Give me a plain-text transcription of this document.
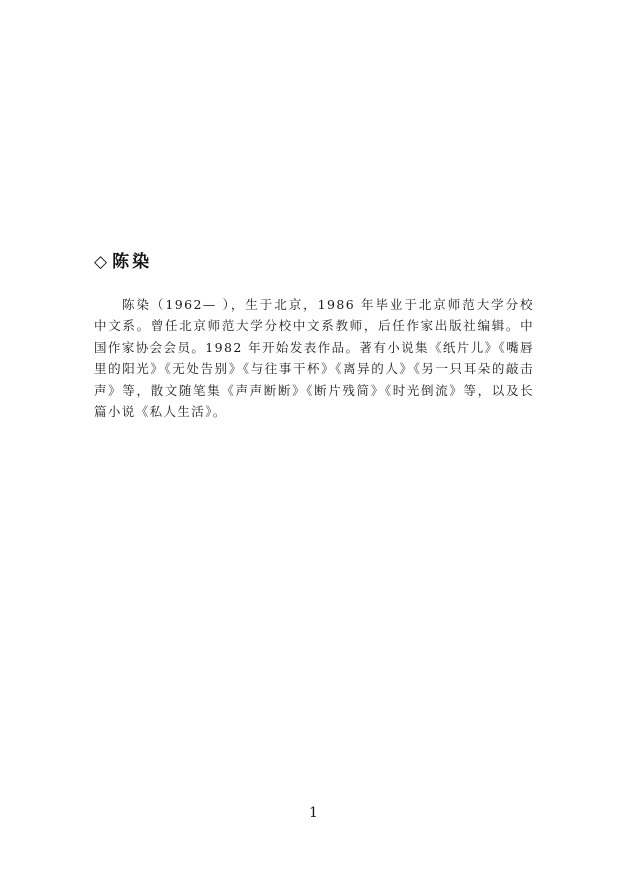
◇ 陈染

陈染（1962— ），生于北京，1986 年毕业于北京师范大学分校中文系。曾任北京师范大学分校中文系教师，后任作家出版社编辑。中国作家协会会员。1982 年开始发表作品。著有小说集《纸片儿》《嘴唇里的阳光》《无处告别》《与往事干杯》《离异的人》《另一只耳朵的敲击声》等，散文随笔集《声声断断》《断片残简》《时光倒流》等，以及长篇小说《私人生活》。

1
